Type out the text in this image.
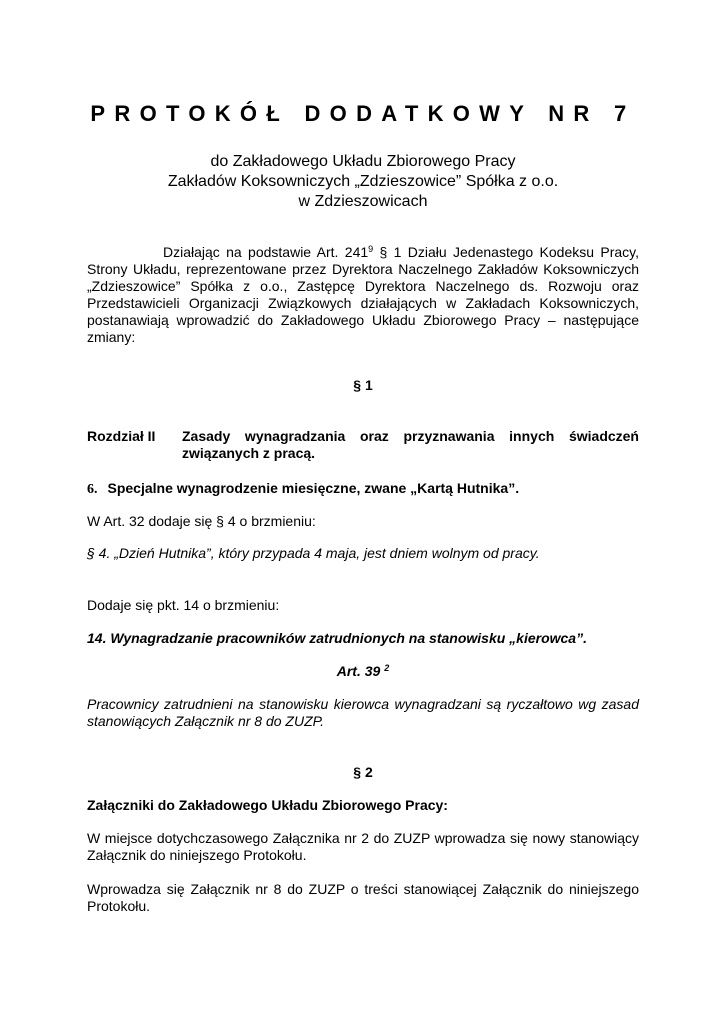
PROTOKÓŁ DODATKOWY NR 7
do Zakładowego Układu Zbiorowego Pracy
Zakładów Koksowniczych „Zdzieszowice” Spółka z o.o.
w Zdzieszowicach
Działając na podstawie Art. $241^9$ § 1 Działu Jedenastego Kodeksu Pracy, Strony Układu, reprezentowane przez Dyrektora Naczelnego Zakładów Koksowniczych „Zdzieszowice” Spółka z o.o., Zastępcę Dyrektora Naczelnego ds. Rozwoju oraz Przedstawicieli Organizacji Związkowych działających w Zakładach Koksowniczych, postanawiają wprowadzić do Zakładowego Układu Zbiorowego Pracy – następujące zmiany:
§ 1
Rozdział II	Zasady wynagradzania oraz przyznawania innych świadczeń związanych z pracą.
6. Specjalne wynagrodzenie miesięczne, zwane „Kartą Hutnika”.
W Art. 32 dodaje się § 4 o brzmieniu:
§ 4. „Dzień Hutnika”, który przypada 4 maja, jest dniem wolnym od pracy.
Dodaje się pkt. 14 o brzmieniu:
14. Wynagradzanie pracowników zatrudnionych na stanowisku „kierowca”.
Art. 39 $^2$
Pracownicy zatrudnieni na stanowisku kierowca wynagradzani są ryczałtowo wg zasad stanowiących Załącznik nr 8 do ZUZP.
§ 2
Załączniki do Zakładowego Układu Zbiorowego Pracy:
W miejsce dotychczasowego Załącznika nr 2 do ZUZP wprowadza się nowy stanowiący Załącznik do niniejszego Protokołu.
Wprowadza się Załącznik nr 8 do ZUZP o treści stanowiącej Załącznik do niniejszego Protokołu.
